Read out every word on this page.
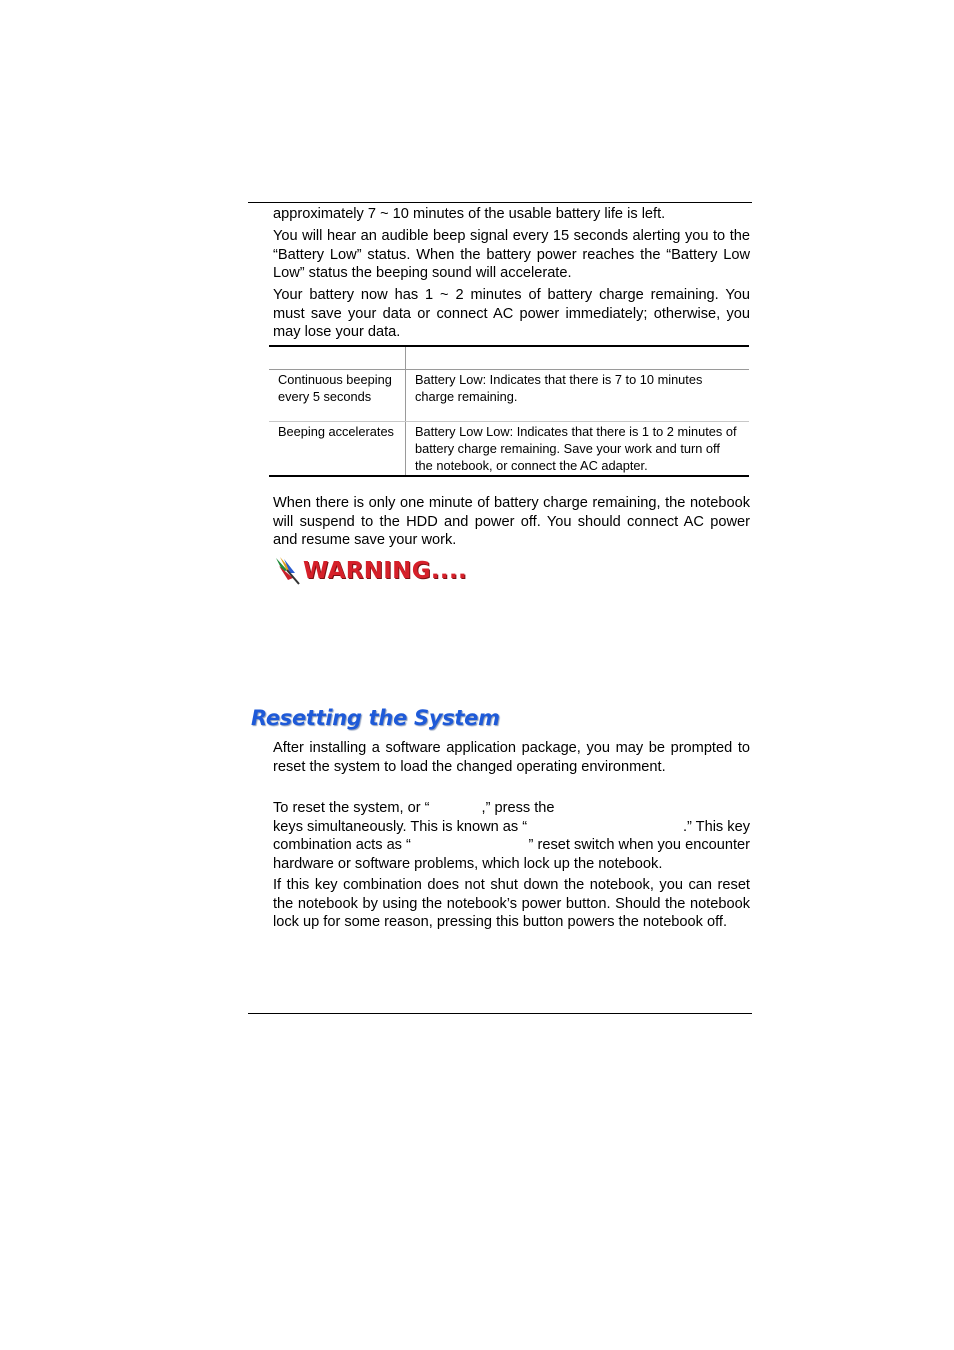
approximately 7 ~ 10 minutes of the usable battery life is left.

You will hear an audible beep signal every 15 seconds alerting you to the “Battery Low” status. When the battery power reaches the “Battery Low Low” status the beeping sound will accelerate.

Your battery now has 1 ~ 2 minutes of battery charge remaining. You must save your data or connect AC power immediately; otherwise, you may lose your data.

Continuous beeping every 5 seconds	Battery Low: Indicates that there is 7 to 10 minutes charge remaining.
Beeping accelerates	Battery Low Low: Indicates that there is 1 to 2 minutes of battery charge remaining. Save your work and turn off the notebook, or connect the AC adapter.

When there is only one minute of battery charge remaining, the notebook will suspend to the HDD and power off. You should connect AC power and resume save your work.

WARNING....
Resetting the System

After installing a software application package, you may be prompted to reset the system to load the changed operating environment.

To reset the system, or “	,” press the
keys simultaneously. This is known as “	.” This key
combination acts as “	” reset switch when you encounter
hardware or software problems, which lock up the notebook.

If this key combination does not shut down the notebook, you can reset the notebook by using the notebook’s power button. Should the notebook lock up for some reason, pressing this button powers the notebook off.
